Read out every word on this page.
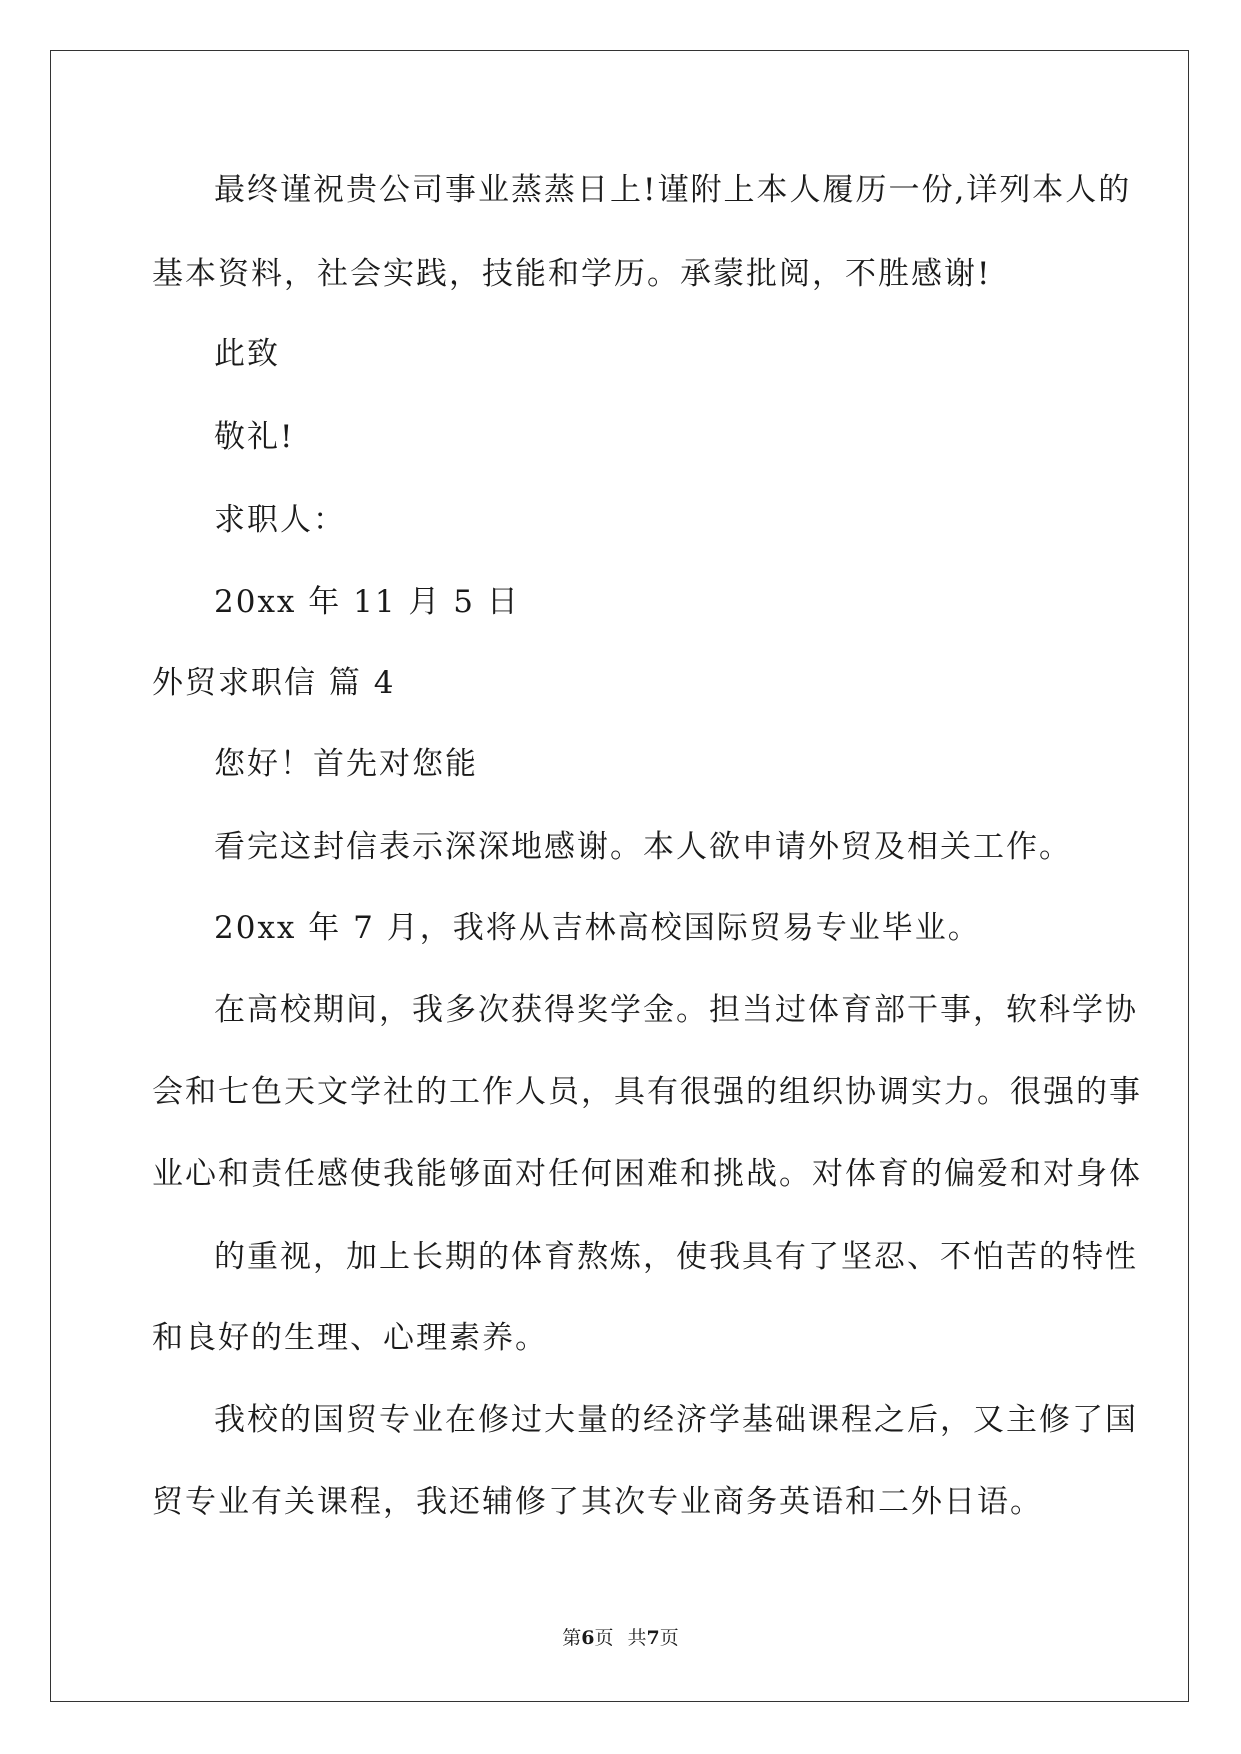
最终谨祝贵公司事业蒸蒸日上!谨附上本人履历一份,详列本人的
基本资料，社会实践，技能和学历。承蒙批阅，不胜感谢!
此致
敬礼!
求职人：
20xx 年 11 月 5 日
外贸求职信 篇 4
您好！首先对您能
看完这封信表示深深地感谢。本人欲申请外贸及相关工作。
20xx 年 7 月，我将从吉林高校国际贸易专业毕业。
在高校期间，我多次获得奖学金。担当过体育部干事，软科学协
会和七色天文学社的工作人员，具有很强的组织协调实力。很强的事
业心和责任感使我能够面对任何困难和挑战。对体育的偏爱和对身体
的重视，加上长期的体育熬炼，使我具有了坚忍、不怕苦的特性
和良好的生理、心理素养。
我校的国贸专业在修过大量的经济学基础课程之后，又主修了国
贸专业有关课程，我还辅修了其次专业商务英语和二外日语。
第6页 共7页
